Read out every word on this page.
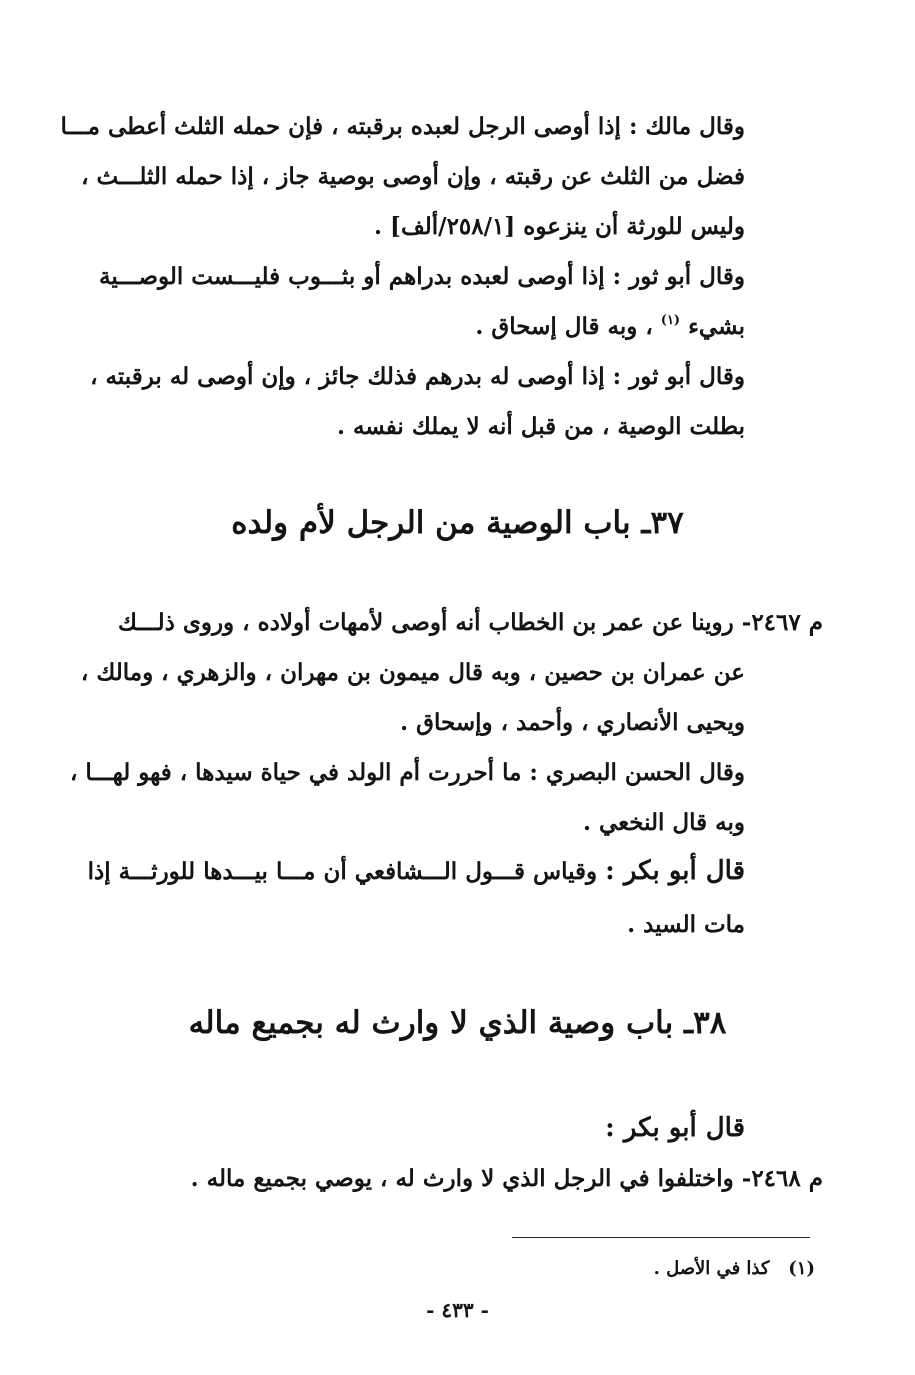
وقال مالك : إذا أوصى الرجل لعبده برقبته ، فإن حمله الثلث أعطى مـــا
فضل من الثلث عن رقبته ، وإن أوصى بوصية جاز ، إذا حمله الثلـــث ،
وليس للورثة أن ينزعوه [٢٥٨/١/ألف] .
وقال أبو ثور : إذا أوصى لعبده بدراهم أو بثـــوب فليـــست الوصـــية
بشيء $^{(١)}$ ، وبه قال إسحاق .
وقال أبو ثور : إذا أوصى له بدرهم فذلك جائز ، وإن أوصى له برقبته ،
بطلت الوصية ، من قبل أنه لا يملك نفسه .
٣٧ـ باب الوصية من الرجل لأم ولده
م ٢٤٦٧- روينا عن عمر بن الخطاب أنه أوصى لأمهات أولاده ، وروى ذلـــك
عن عمران بن حصين ، وبه قال ميمون بن مهران ، والزهري ، ومالك ،
ويحيى الأنصاري ، وأحمد ، وإسحاق .
وقال الحسن البصري : ما أحررت أم الولد في حياة سيدها ، فهو لهـــا ،
وبه قال النخعي .
قال أبو بكر : وقياس قـــول الـــشافعي أن مـــا بيـــدها للورثـــة إذا
مات السيد .
٣٨ـ باب وصية الذي لا وارث له بجميع ماله
قال أبو بكر :
م ٢٤٦٨- واختلفوا في الرجل الذي لا وارث له ، يوصي بجميع ماله .
(١)   كذا في الأصل .
- ٤٣٣ -
